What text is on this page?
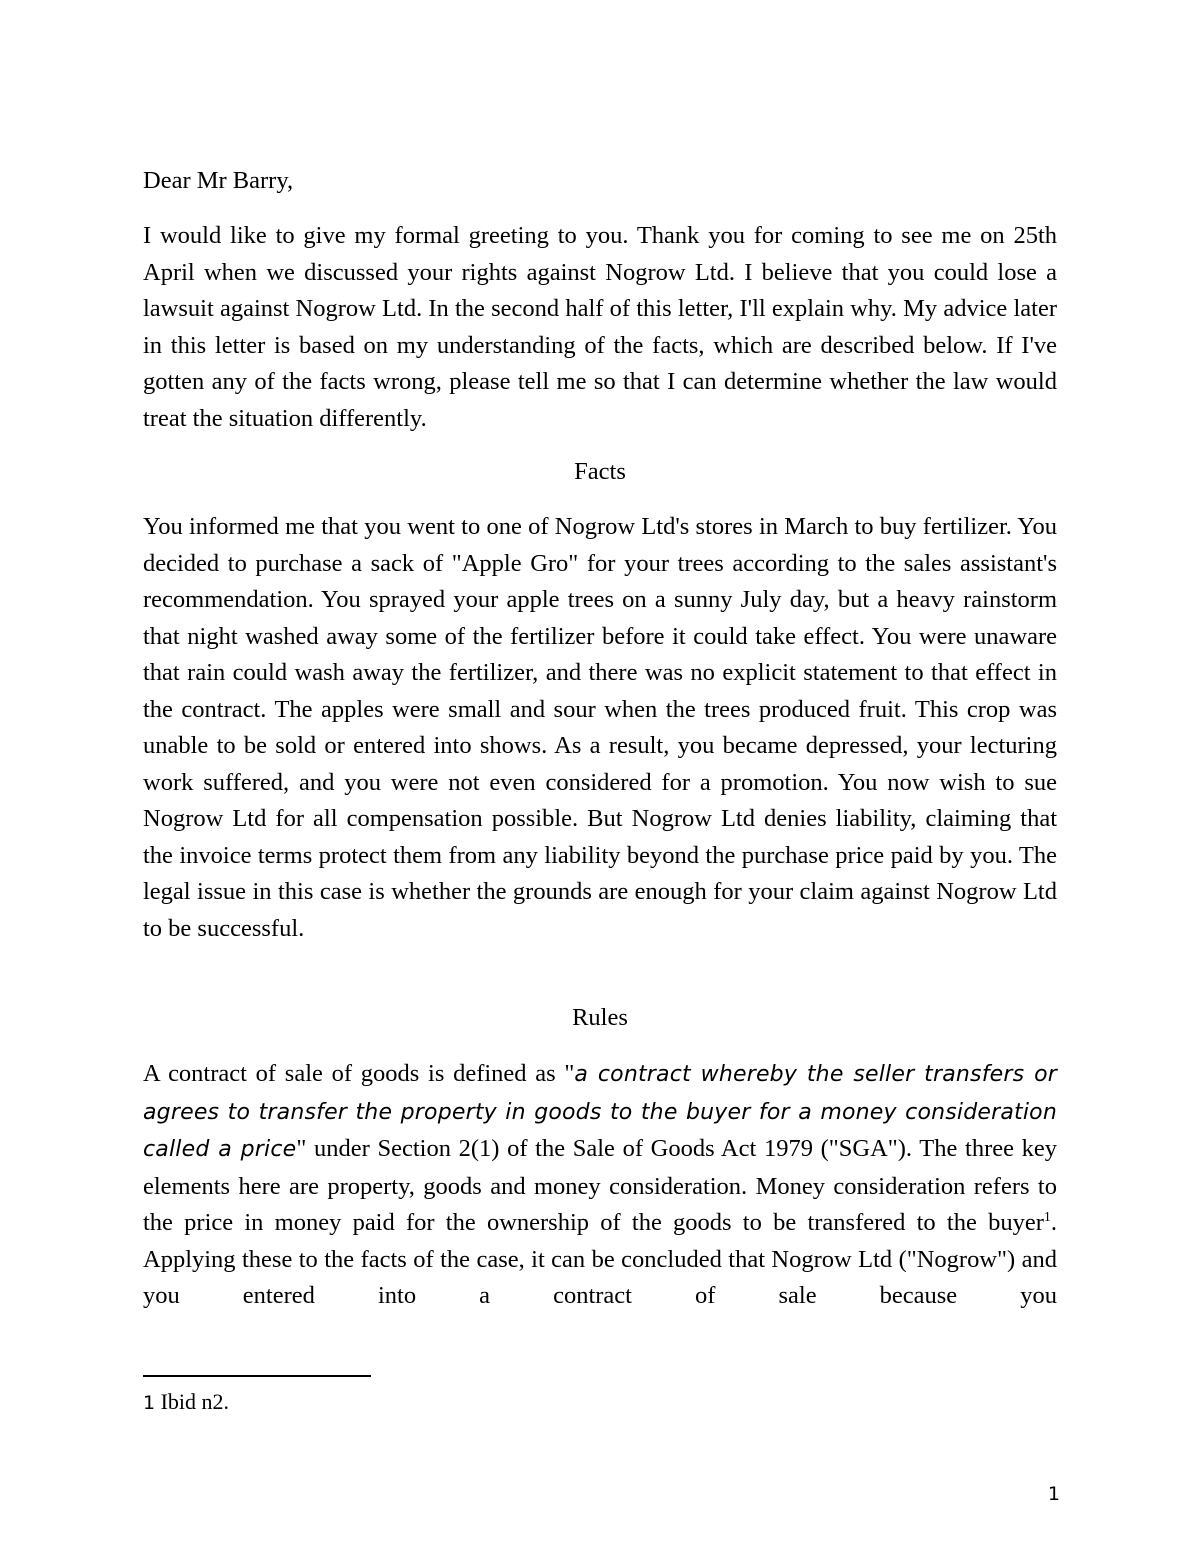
Dear Mr Barry,

I would like to give my formal greeting to you. Thank you for coming to see me on 25th April when we discussed your rights against Nogrow Ltd. I believe that you could lose a lawsuit against Nogrow Ltd. In the second half of this letter, I'll explain why. My advice later in this letter is based on my understanding of the facts, which are described below. If I've gotten any of the facts wrong, please tell me so that I can determine whether the law would treat the situation differently.

Facts

You informed me that you went to one of Nogrow Ltd's stores in March to buy fertilizer. You decided to purchase a sack of "Apple Gro" for your trees according to the sales assistant's recommendation. You sprayed your apple trees on a sunny July day, but a heavy rainstorm that night washed away some of the fertilizer before it could take effect. You were unaware that rain could wash away the fertilizer, and there was no explicit statement to that effect in the contract. The apples were small and sour when the trees produced fruit. This crop was unable to be sold or entered into shows. As a result, you became depressed, your lecturing work suffered, and you were not even considered for a promotion. You now wish to sue Nogrow Ltd for all compensation possible. But Nogrow Ltd denies liability, claiming that the invoice terms protect them from any liability beyond the purchase price paid by you. The legal issue in this case is whether the grounds are enough for your claim against Nogrow Ltd to be successful.

Rules

A contract of sale of goods is defined as "a contract whereby the seller transfers or agrees to transfer the property in goods to the buyer for a money consideration called a price" under Section 2(1) of the Sale of Goods Act 1979 ("SGA"). The three key elements here are property, goods and money consideration. Money consideration refers to the price in money paid for the ownership of the goods to be transfered to the buyer$^1$. Applying these to the facts of the case, it can be concluded that Nogrow Ltd ("Nogrow") and you entered into a contract of sale because you

1 Ibid n2.

1
